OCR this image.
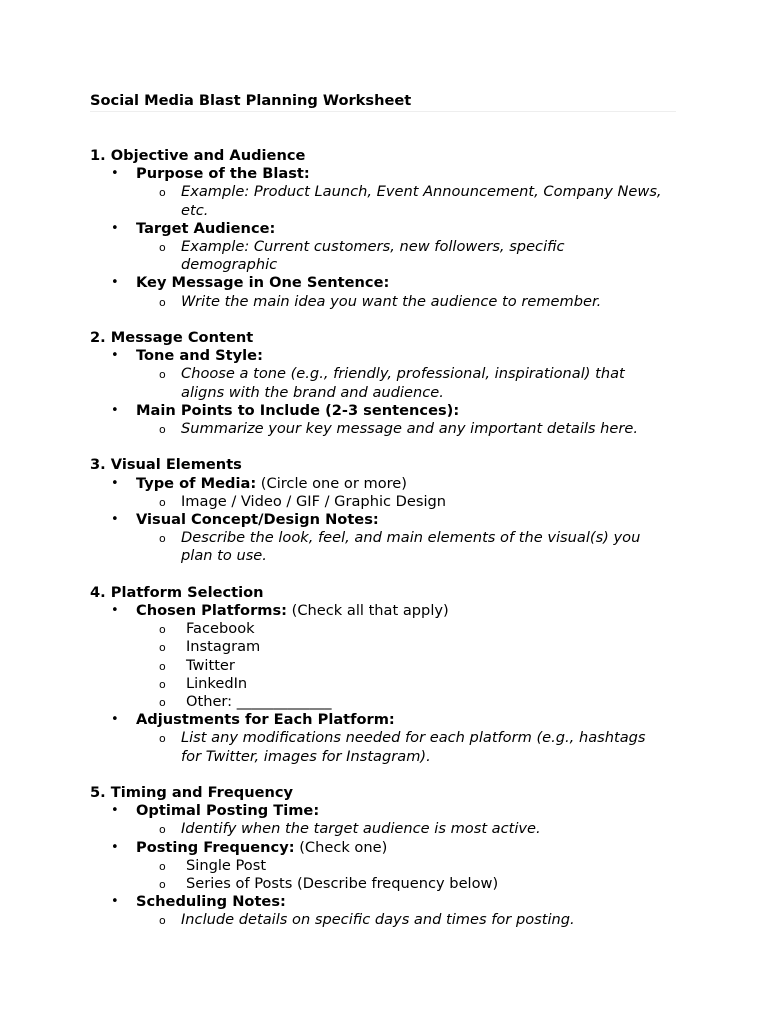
Social Media Blast Planning Worksheet
1. Objective and Audience
• Purpose of the Blast:
o Example: Product Launch, Event Announcement, Company News, etc.
• Target Audience:
o Example: Current customers, new followers, specific demographic
• Key Message in One Sentence:
o Write the main idea you want the audience to remember.
2. Message Content
• Tone and Style:
o Choose a tone (e.g., friendly, professional, inspirational) that aligns with the brand and audience.
• Main Points to Include (2-3 sentences):
o Summarize your key message and any important details here.
3. Visual Elements
• Type of Media: (Circle one or more)
o Image / Video / GIF / Graphic Design
• Visual Concept/Design Notes:
o Describe the look, feel, and main elements of the visual(s) you plan to use.
4. Platform Selection
• Chosen Platforms: (Check all that apply)
o Facebook
o Instagram
o Twitter
o LinkedIn
o Other: _____________
• Adjustments for Each Platform:
o List any modifications needed for each platform (e.g., hashtags for Twitter, images for Instagram).
5. Timing and Frequency
• Optimal Posting Time:
o Identify when the target audience is most active.
• Posting Frequency: (Check one)
o Single Post
o Series of Posts (Describe frequency below)
• Scheduling Notes:
o Include details on specific days and times for posting.
